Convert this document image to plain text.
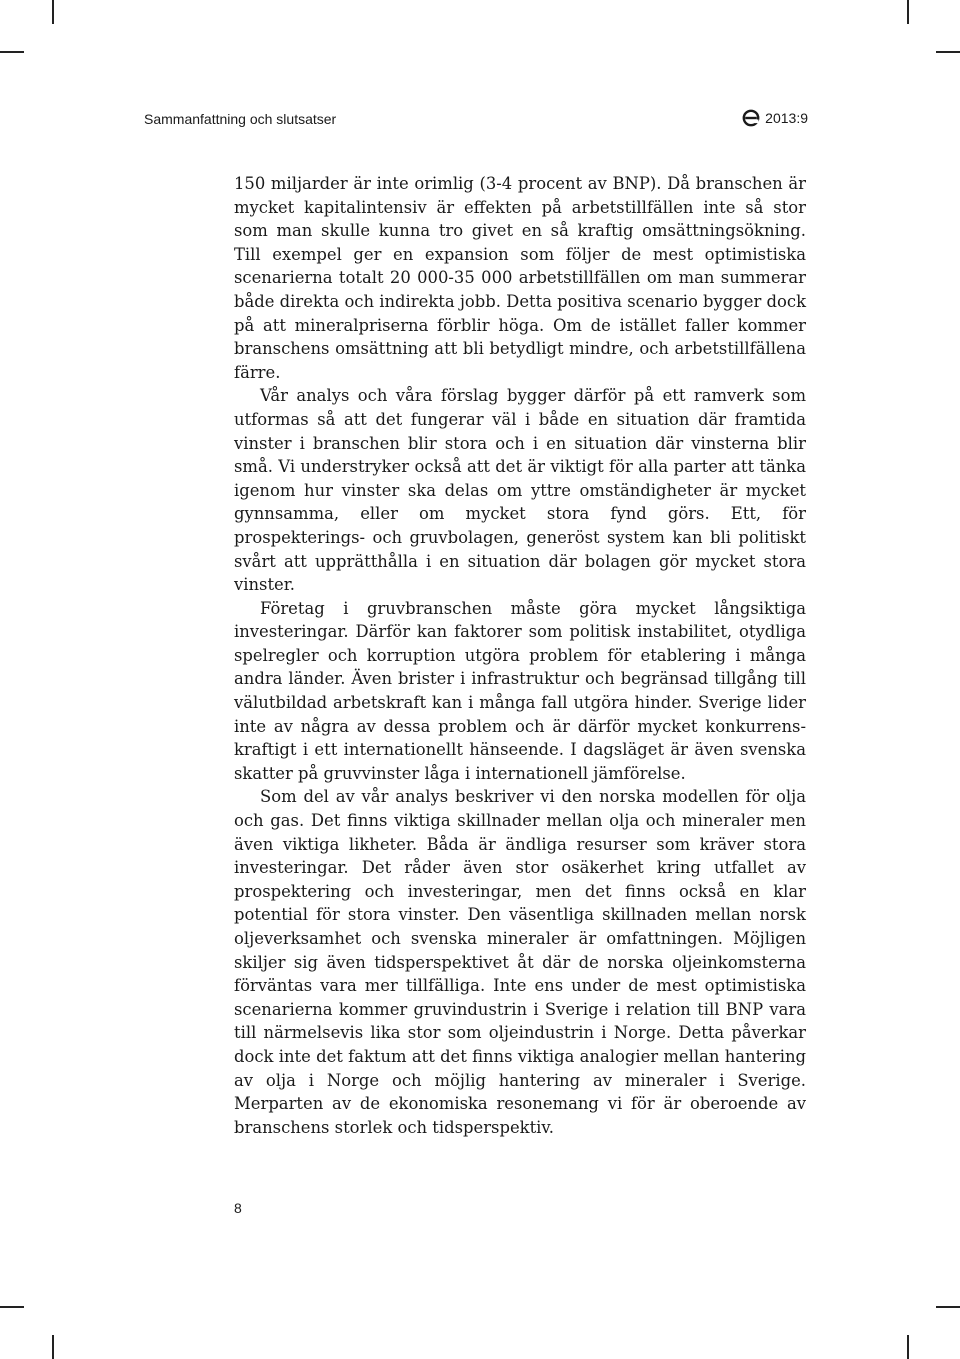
Sammanfattning och slutsatser	2013:9

150 miljarder är inte orimlig (3-4 procent av BNP). Då branschen är mycket kapitalintensiv är effekten på arbetstillfällen inte så stor som man skulle kunna tro givet en så kraftig omsättningsökning. Till exempel ger en expansion som följer de mest optimistiska scenarierna totalt 20 000-35 000 arbetstillfällen om man summerar både direkta och indirekta jobb. Detta positiva scenario bygger dock på att mineralpriserna förblir höga. Om de istället faller kommer branschens omsättning att bli betydligt mindre, och arbetstillfällena färre.

Vår analys och våra förslag bygger därför på ett ramverk som utformas så att det fungerar väl i både en situation där framtida vinster i branschen blir stora och i en situation där vinsterna blir små. Vi understryker också att det är viktigt för alla parter att tänka igenom hur vinster ska delas om yttre omständigheter är mycket gynnsamma, eller om mycket stora fynd görs. Ett, för prospekterings- och gruvbolagen, generöst system kan bli politiskt svårt att upprätthålla i en situation där bolagen gör mycket stora vinster.

Företag i gruvbranschen måste göra mycket långsiktiga investeringar. Därför kan faktorer som politisk instabilitet, otydliga spelregler och korruption utgöra problem för etablering i många andra länder. Även brister i infrastruktur och begränsad tillgång till välutbildad arbetskraft kan i många fall utgöra hinder. Sverige lider inte av några av dessa problem och är därför mycket konkurrenskraftigt i ett internationellt hänseende. I dagsläget är även svenska skatter på gruvvinster låga i internationell jämförelse.

Som del av vår analys beskriver vi den norska modellen för olja och gas. Det finns viktiga skillnader mellan olja och mineraler men även viktiga likheter. Båda är ändliga resurser som kräver stora investeringar. Det råder även stor osäkerhet kring utfallet av prospektering och investeringar, men det finns också en klar potential för stora vinster. Den väsentliga skillnaden mellan norsk oljeverksamhet och svenska mineraler är omfattningen. Möjligen skiljer sig även tidsperspektivet åt där de norska oljeinkomsterna förväntas vara mer tillfälliga. Inte ens under de mest optimistiska scenarierna kommer gruvindustrin i Sverige i relation till BNP vara till närmelsevis lika stor som oljeindustrin i Norge. Detta påverkar dock inte det faktum att det finns viktiga analogier mellan hantering av olja i Norge och möjlig hantering av mineraler i Sverige. Merparten av de ekonomiska resonemang vi för är oberoende av branschens storlek och tidsperspektiv.

8
